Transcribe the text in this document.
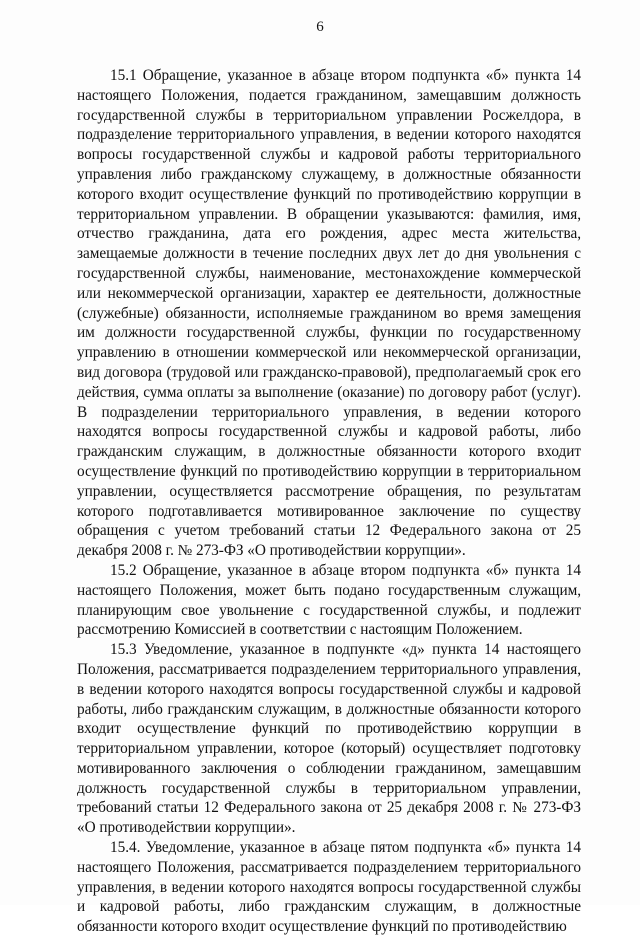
6

15.1 Обращение, указанное в абзаце втором подпункта «б» пункта 14 настоящего Положения, подается гражданином, замещавшим должность государственной службы в территориальном управлении Росжелдора, в подразделение территориального управления, в ведении которого находятся вопросы государственной службы и кадровой работы территориального управления либо гражданскому служащему, в должностные обязанности которого входит осуществление функций по противодействию коррупции в территориальном управлении. В обращении указываются: фамилия, имя, отчество гражданина, дата его рождения, адрес места жительства, замещаемые должности в течение последних двух лет до дня увольнения с государственной службы, наименование, местонахождение коммерческой или некоммерческой организации, характер ее деятельности, должностные (служебные) обязанности, исполняемые гражданином во время замещения им должности государственной службы, функции по государственному управлению в отношении коммерческой или некоммерческой организации, вид договора (трудовой или гражданско-правовой), предполагаемый срок его действия, сумма оплаты за выполнение (оказание) по договору работ (услуг). В подразделении территориального управления, в ведении которого находятся вопросы государственной службы и кадровой работы, либо гражданским служащим, в должностные обязанности которого входит осуществление функций по противодействию коррупции в территориальном управлении, осуществляется рассмотрение обращения, по результатам которого подготавливается мотивированное заключение по существу обращения с учетом требований статьи 12 Федерального закона от 25 декабря 2008 г. № 273-ФЗ «О противодействии коррупции».

15.2 Обращение, указанное в абзаце втором подпункта «б» пункта 14 настоящего Положения, может быть подано государственным служащим, планирующим свое увольнение с государственной службы, и подлежит рассмотрению Комиссией в соответствии с настоящим Положением.

15.3 Уведомление, указанное в подпункте «д» пункта 14 настоящего Положения, рассматривается подразделением территориального управления, в ведении которого находятся вопросы государственной службы и кадровой работы, либо гражданским служащим, в должностные обязанности которого входит осуществление функций по противодействию коррупции в территориальном управлении, которое (который) осуществляет подготовку мотивированного заключения о соблюдении гражданином, замещавшим должность государственной службы в территориальном управлении, требований статьи 12 Федерального закона от 25 декабря 2008 г. № 273-ФЗ «О противодействии коррупции».

15.4. Уведомление, указанное в абзаце пятом подпункта «б» пункта 14 настоящего Положения, рассматривается подразделением территориального управления, в ведении которого находятся вопросы государственной службы и кадровой работы, либо гражданским служащим, в должностные обязанности которого входит осуществление функций по противодействию
